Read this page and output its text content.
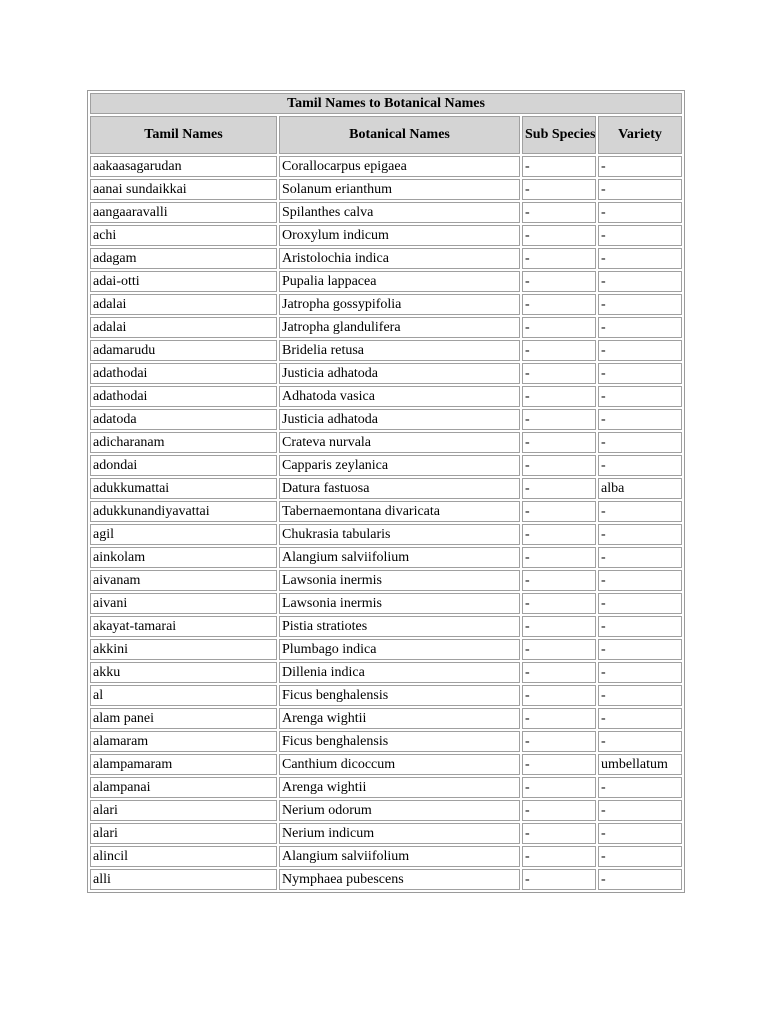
Tamil Names to Botanical Names			
Tamil Names	Botanical Names	Sub Species	Variety
aakaasagarudan	Corallocarpus epigaea	-	-
aanai sundaikkai	Solanum erianthum	-	-
aangaaravalli	Spilanthes calva	-	-
achi	Oroxylum indicum	-	-
adagam	Aristolochia indica	-	-
adai-otti	Pupalia lappacea	-	-
adalai	Jatropha gossypifolia	-	-
adalai	Jatropha glandulifera	-	-
adamarudu	Bridelia retusa	-	-
adathodai	Justicia adhatoda	-	-
adathodai	Adhatoda vasica	-	-
adatoda	Justicia adhatoda	-	-
adicharanam	Crateva nurvala	-	-
adondai	Capparis zeylanica	-	-
adukkumattai	Datura fastuosa	-	alba
adukkunandiyavattai	Tabernaemontana divaricata	-	-
agil	Chukrasia tabularis	-	-
ainkolam	Alangium salviifolium	-	-
aivanam	Lawsonia inermis	-	-
aivani	Lawsonia inermis	-	-
akayat-tamarai	Pistia stratiotes	-	-
akkini	Plumbago indica	-	-
akku	Dillenia indica	-	-
al	Ficus benghalensis	-	-
alam panei	Arenga wightii	-	-
alamaram	Ficus benghalensis	-	-
alampamaram	Canthium dicoccum	-	umbellatum
alampanai	Arenga wightii	-	-
alari	Nerium odorum	-	-
alari	Nerium indicum	-	-
alincil	Alangium salviifolium	-	-
alli	Nymphaea pubescens	-	-
